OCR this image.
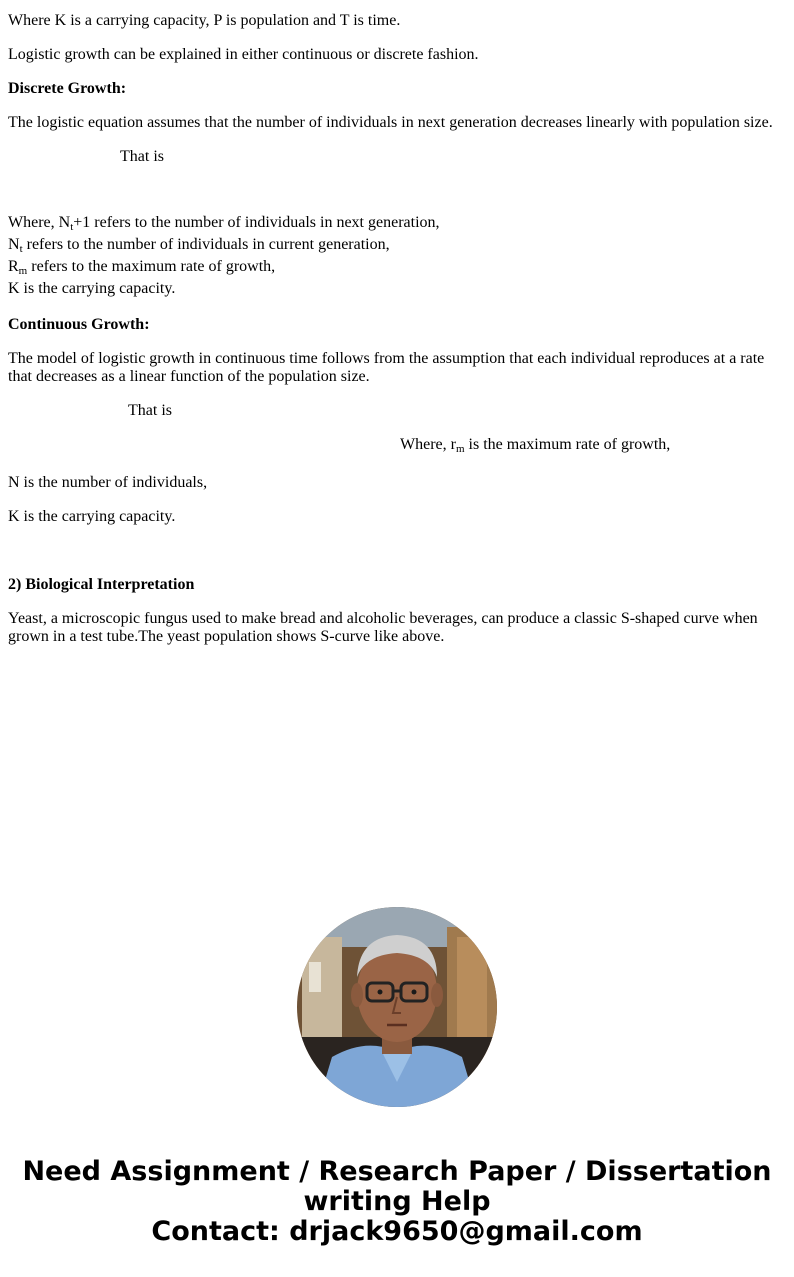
Where K is a carrying capacity, P is population and T is time.

Logistic growth can be explained in either continuous or discrete fashion.

Discrete Growth:

The logistic equation assumes that the number of individuals in next generation decreases linearly with population size.

That is

Where, $N_t+1$ refers to the number of individuals in next generation,
$N_t$ refers to the number of individuals in current generation,
$R_m$ refers to the maximum rate of growth,
K is the carrying capacity.

Continuous Growth:

The model of logistic growth in continuous time follows from the assumption that each individual reproduces at a rate that decreases as a linear function of the population size.

That is

Where, $r_m$ is the maximum rate of growth,

N is the number of individuals,

K is the carrying capacity.

2) Biological Interpretation

Yeast, a microscopic fungus used to make bread and alcoholic beverages, can produce a classic S-shaped curve when grown in a test tube.The yeast population shows S-curve like above.

Need Assignment / Research Paper / Dissertation
writing Help
Contact: drjack9650@gmail.com
